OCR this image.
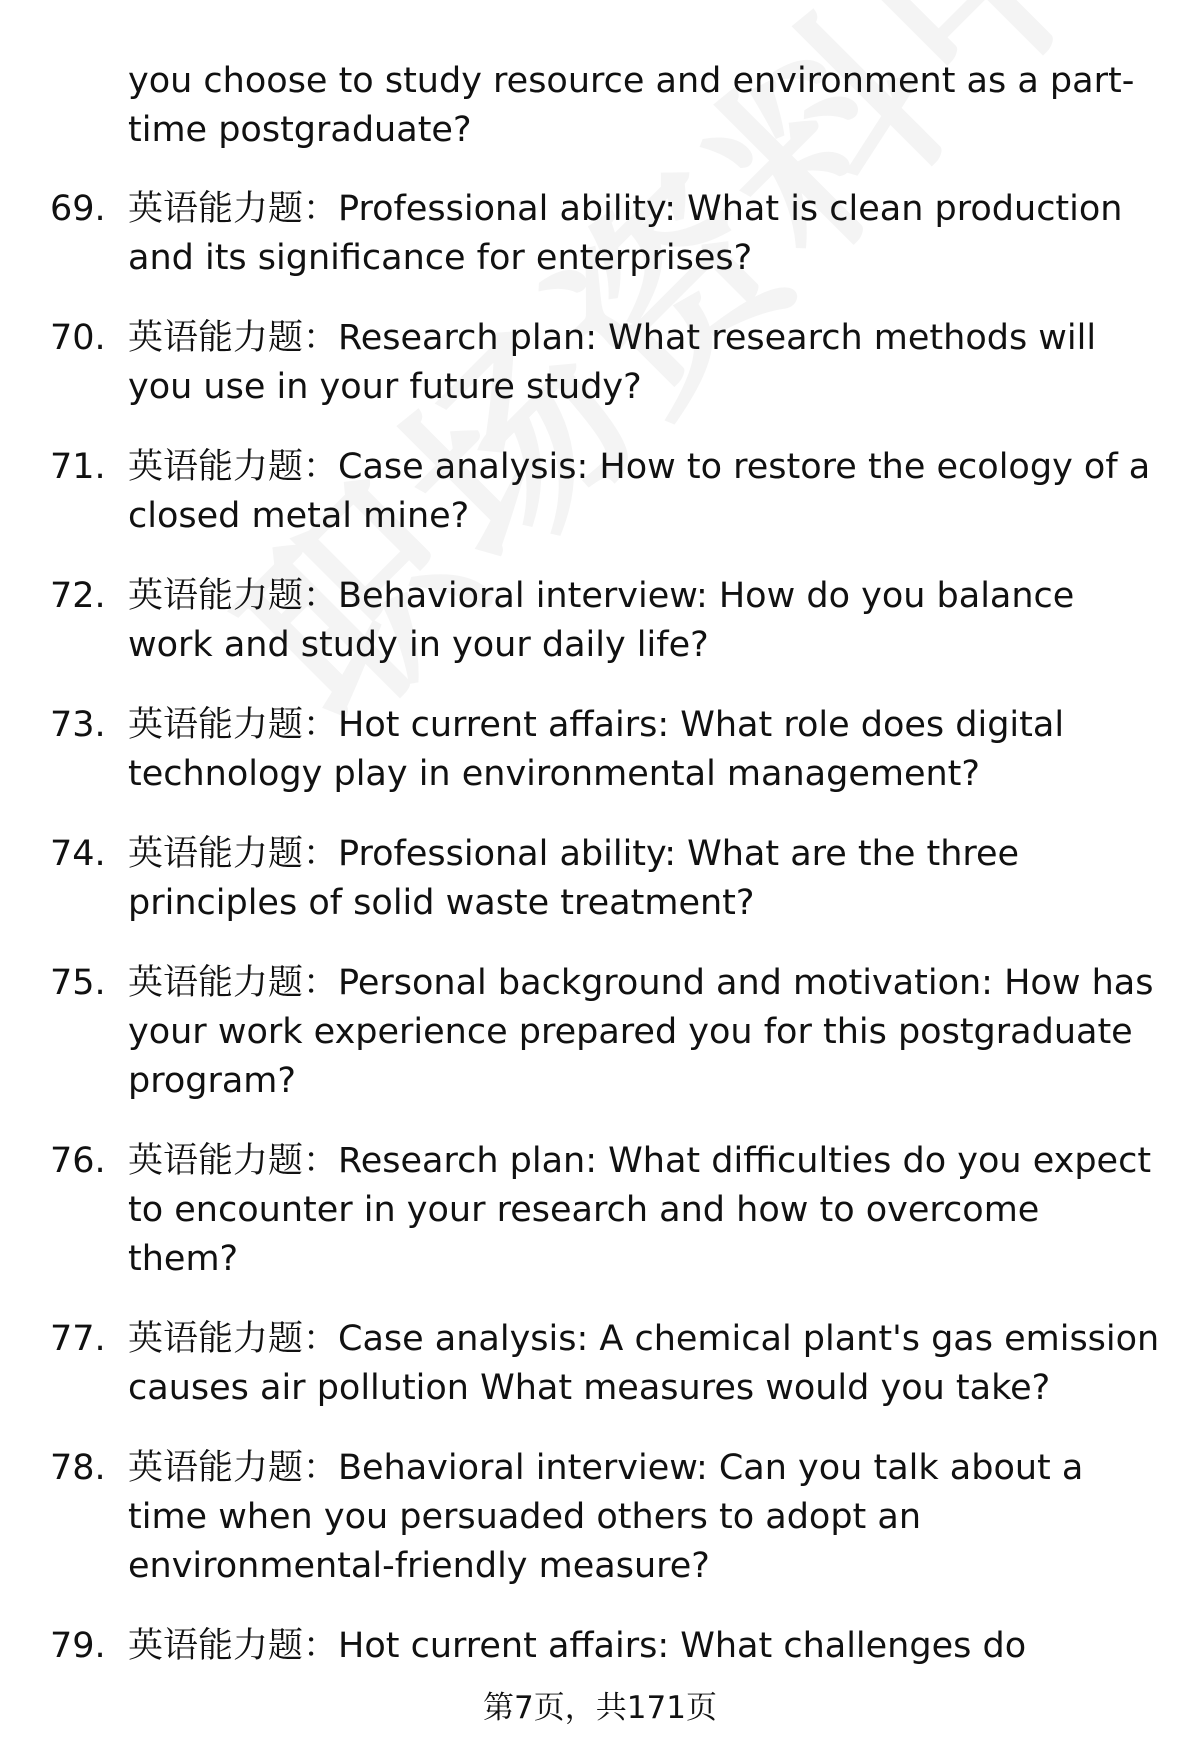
you choose to study resource and environment as a part-time postgraduate?
69. 英语能力题：Professional ability: What is clean production and its significance for enterprises?
70. 英语能力题：Research plan: What research methods will you use in your future study?
71. 英语能力题：Case analysis: How to restore the ecology of a closed metal mine?
72. 英语能力题：Behavioral interview: How do you balance work and study in your daily life?
73. 英语能力题：Hot current affairs: What role does digital technology play in environmental management?
74. 英语能力题：Professional ability: What are the three principles of solid waste treatment?
75. 英语能力题：Personal background and motivation: How has your work experience prepared you for this postgraduate program?
76. 英语能力题：Research plan: What difficulties do you expect to encounter in your research and how to overcome them?
77. 英语能力题：Case analysis: A chemical plant's gas emission causes air pollution What measures would you take?
78. 英语能力题：Behavioral interview: Can you talk about a time when you persuaded others to adopt an environmental-friendly measure?
79. 英语能力题：Hot current affairs: What challenges do
第7页，共171页
